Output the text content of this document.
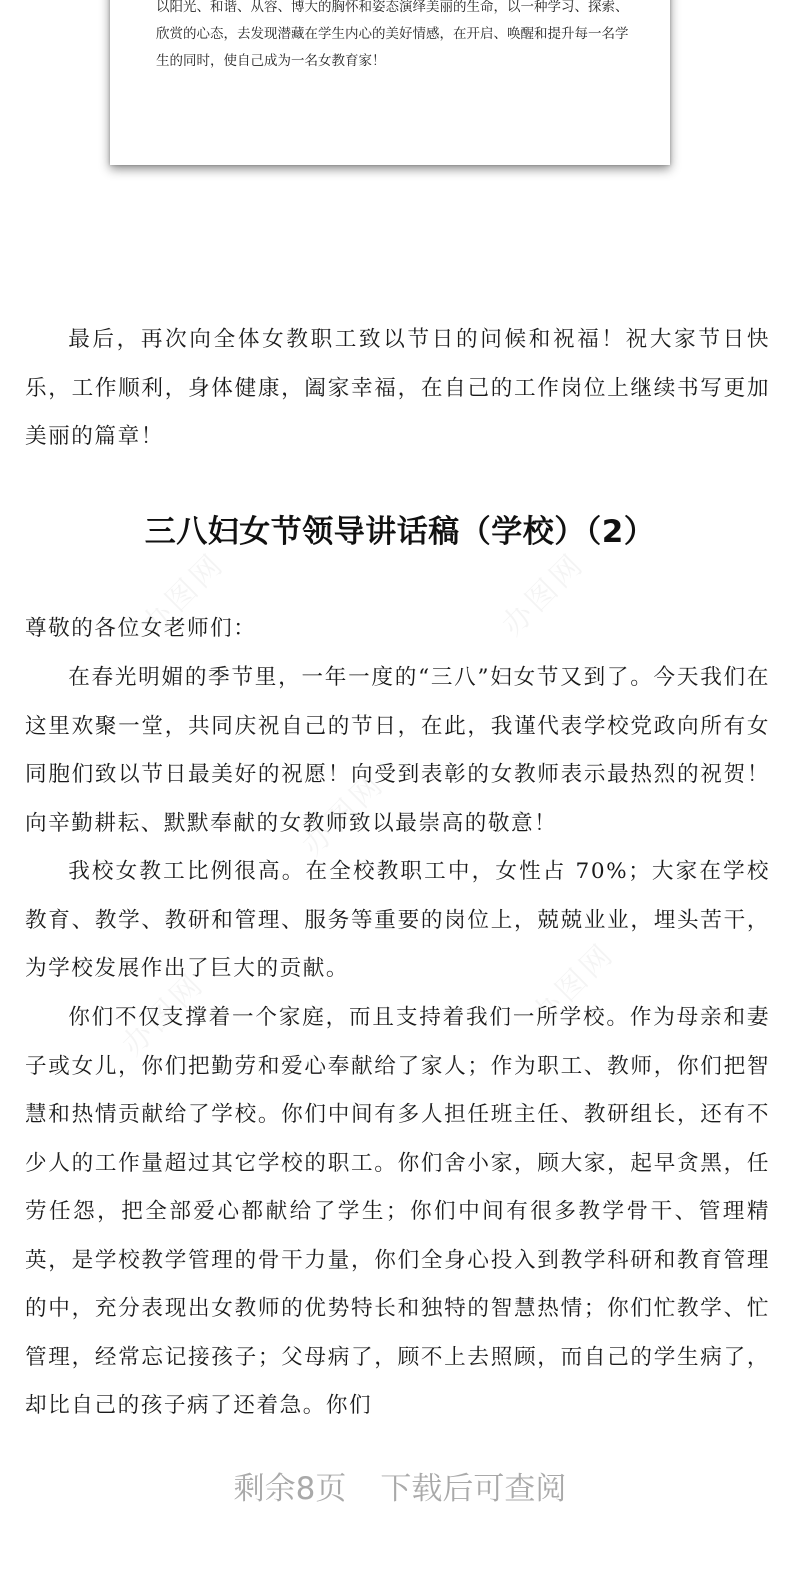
以阳光、和谐、从容、博大的胸怀和姿态演绎美丽的生命，以一种学习、探索、欣赏的心态，去发现潜藏在学生内心的美好情感，在开启、唤醒和提升每一名学生的同时，使自己成为一名女教育家！

最后，再次向全体女教职工致以节日的问候和祝福！祝大家节日快乐，工作顺利，身体健康，阖家幸福，在自己的工作岗位上继续书写更加美丽的篇章！

三八妇女节领导讲话稿（学校）（2）

尊敬的各位女老师们：

在春光明媚的季节里，一年一度的“三八”妇女节又到了。今天我们在这里欢聚一堂，共同庆祝自己的节日，在此，我谨代表学校党政向所有女同胞们致以节日最美好的祝愿！向受到表彰的女教师表示最热烈的祝贺！向辛勤耕耘、默默奉献的女教师致以最崇高的敬意！

我校女教工比例很高。在全校教职工中，女性占 70%；大家在学校教育、教学、教研和管理、服务等重要的岗位上，兢兢业业，埋头苦干，为学校发展作出了巨大的贡献。

你们不仅支撑着一个家庭，而且支持着我们一所学校。作为母亲和妻子或女儿，你们把勤劳和爱心奉献给了家人；作为职工、教师，你们把智慧和热情贡献给了学校。你们中间有多人担任班主任、教研组长，还有不少人的工作量超过其它学校的职工。你们舍小家，顾大家，起早贪黑，任劳任怨，把全部爱心都献给了学生；你们中间有很多教学骨干、管理精英，是学校教学管理的骨干力量，你们全身心投入到教学科研和教育管理的中，充分表现出女教师的优势特长和独特的智慧热情；你们忙教学、忙管理，经常忘记接孩子；父母病了，顾不上去照顾，而自己的学生病了，却比自己的孩子病了还着急。你们

剩余8页 下载后可查阅
